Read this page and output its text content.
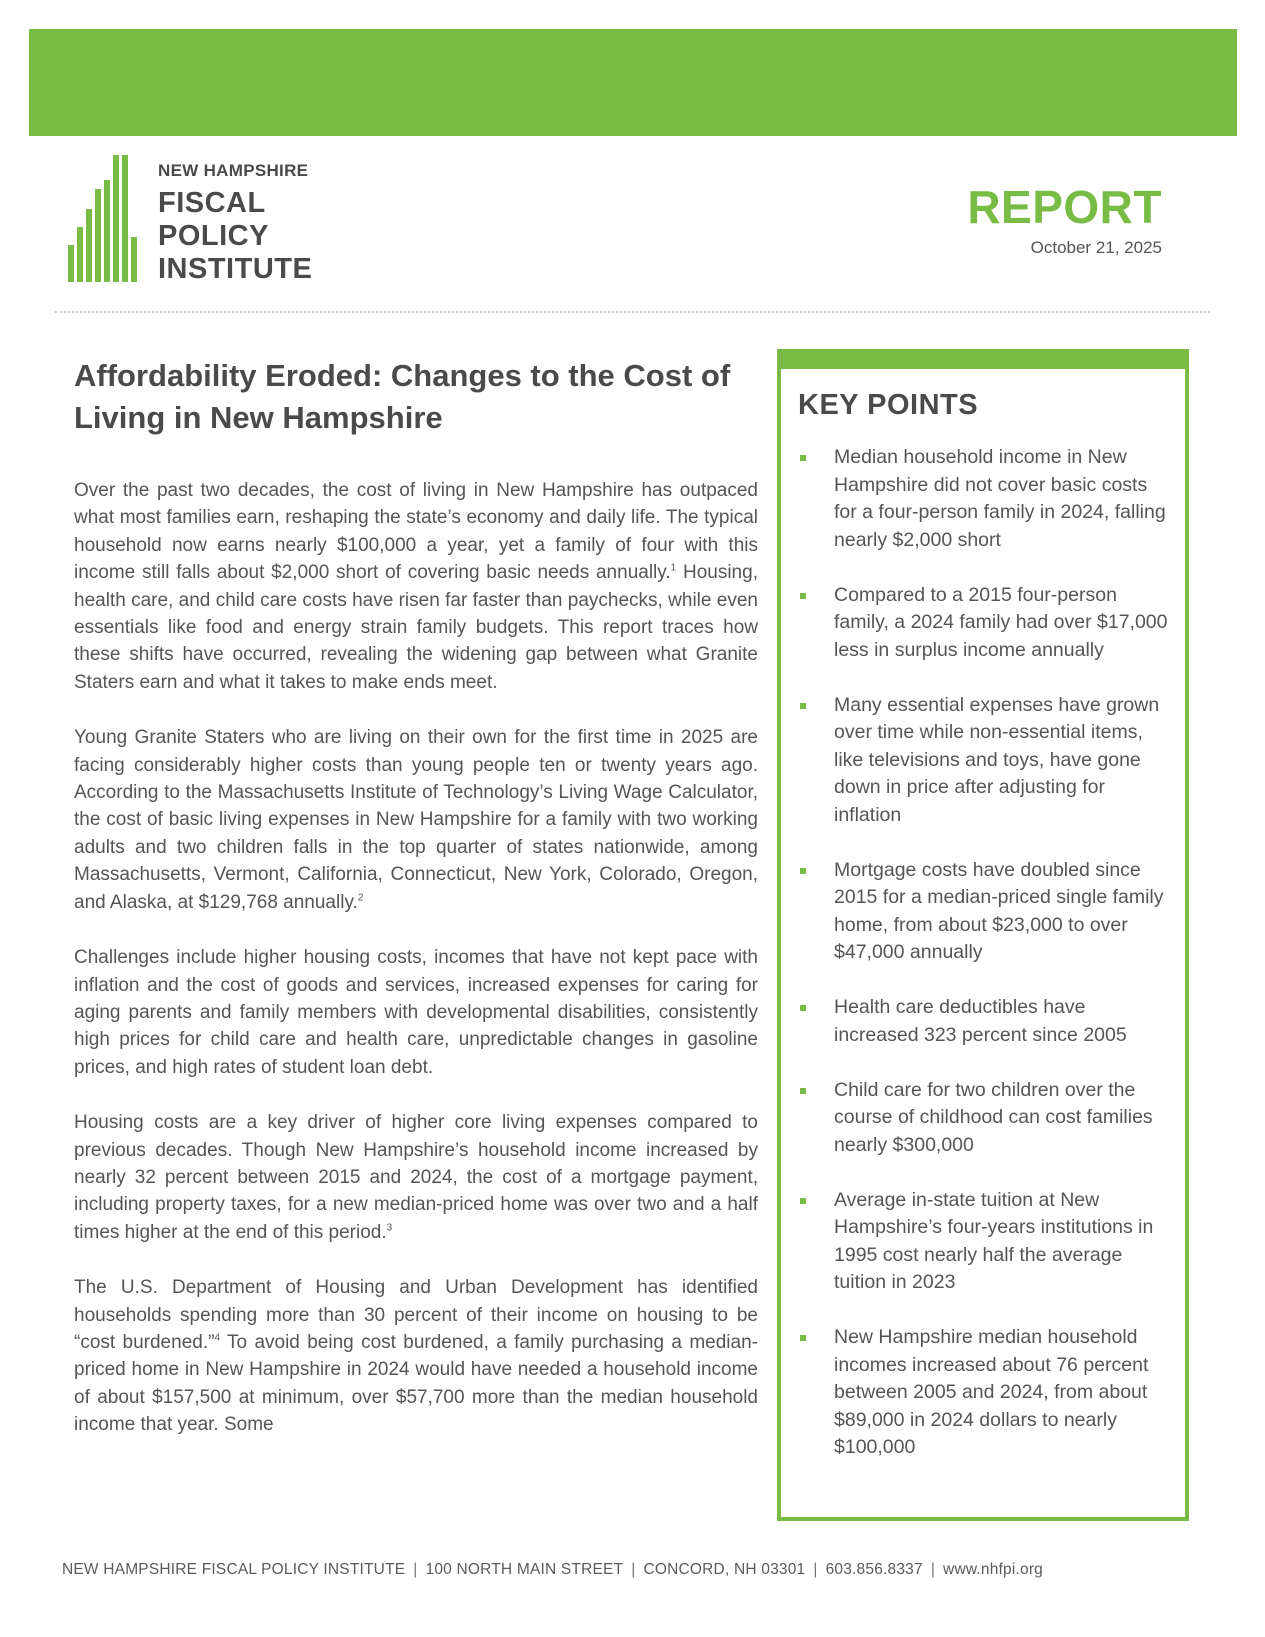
NEW HAMPSHIRE
FISCAL
POLICY
INSTITUTE
REPORT
October 21, 2025
Affordability Eroded: Changes to the Cost of Living in New Hampshire

Over the past two decades, the cost of living in New Hampshire has outpaced what most families earn, reshaping the state’s economy and daily life. The typical household now earns nearly $100,000 a year, yet a family of four with this income still falls about $2,000 short of covering basic needs annually.$^1$ Housing, health care, and child care costs have risen far faster than paychecks, while even essentials like food and energy strain family budgets. This report traces how these shifts have occurred, revealing the widening gap between what Granite Staters earn and what it takes to make ends meet.

Young Granite Staters who are living on their own for the first time in 2025 are facing considerably higher costs than young people ten or twenty years ago. According to the Massachusetts Institute of Technology’s Living Wage Calculator, the cost of basic living expenses in New Hampshire for a family with two working adults and two children falls in the top quarter of states nationwide, among Massachusetts, Vermont, California, Connecticut, New York, Colorado, Oregon, and Alaska, at $129,768 annually.$^2$

Challenges include higher housing costs, incomes that have not kept pace with inflation and the cost of goods and services, increased expenses for caring for aging parents and family members with developmental disabilities, consistently high prices for child care and health care, unpredictable changes in gasoline prices, and high rates of student loan debt.

Housing costs are a key driver of higher core living expenses compared to previous decades. Though New Hampshire’s household income increased by nearly 32 percent between 2015 and 2024, the cost of a mortgage payment, including property taxes, for a new median-priced home was over two and a half times higher at the end of this period.$^3$

The U.S. Department of Housing and Urban Development has identified households spending more than 30 percent of their income on housing to be “cost burdened.”$^4$ To avoid being cost burdened, a family purchasing a median-priced home in New Hampshire in 2024 would have needed a household income of about $157,500 at minimum, over $57,700 more than the median household income that year. Some

KEY POINTS
Median household income in New Hampshire did not cover basic costs for a four-person family in 2024, falling nearly $2,000 short
Compared to a 2015 four-person family, a 2024 family had over $17,000 less in surplus income annually
Many essential expenses have grown over time while non-essential items, like televisions and toys, have gone down in price after adjusting for inflation
Mortgage costs have doubled since 2015 for a median-priced single family home, from about $23,000 to over $47,000 annually
Health care deductibles have increased 323 percent since 2005
Child care for two children over the course of childhood can cost families nearly $300,000
Average in-state tuition at New Hampshire’s four-years institutions in 1995 cost nearly half the average tuition in 2023
New Hampshire median household incomes increased about 76 percent between 2005 and 2024, from about $89,000 in 2024 dollars to nearly $100,000
NEW HAMPSHIRE FISCAL POLICY INSTITUTE | 100 NORTH MAIN STREET | CONCORD, NH 03301 | 603.856.8337 | www.nhfpi.org
